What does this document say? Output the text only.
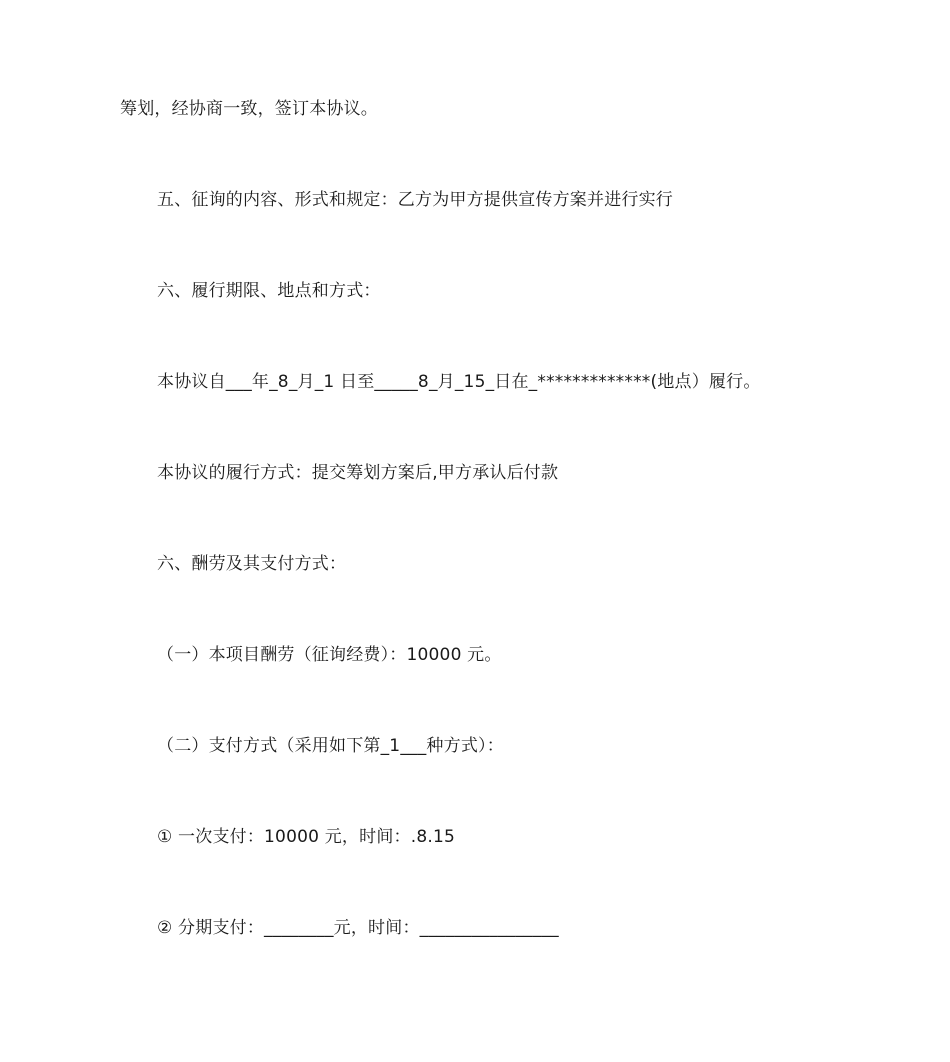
筹划，经协商一致，签订本协议。
五、征询的内容、形式和规定：乙方为甲方提供宣传方案并进行实行
六、履行期限、地点和方式：
本协议自___年_8_月_1 日至_____8_月_15_日在_*************(地点）履行。
本协议的履行方式：提交筹划方案后,甲方承认后付款
六、酬劳及其支付方式：
（一）本项目酬劳（征询经费）：10000 元。
（二）支付方式（采用如下第_1___种方式）：
① 一次支付：10000 元，时间：.8.15
② 分期支付：________元，时间：________________
